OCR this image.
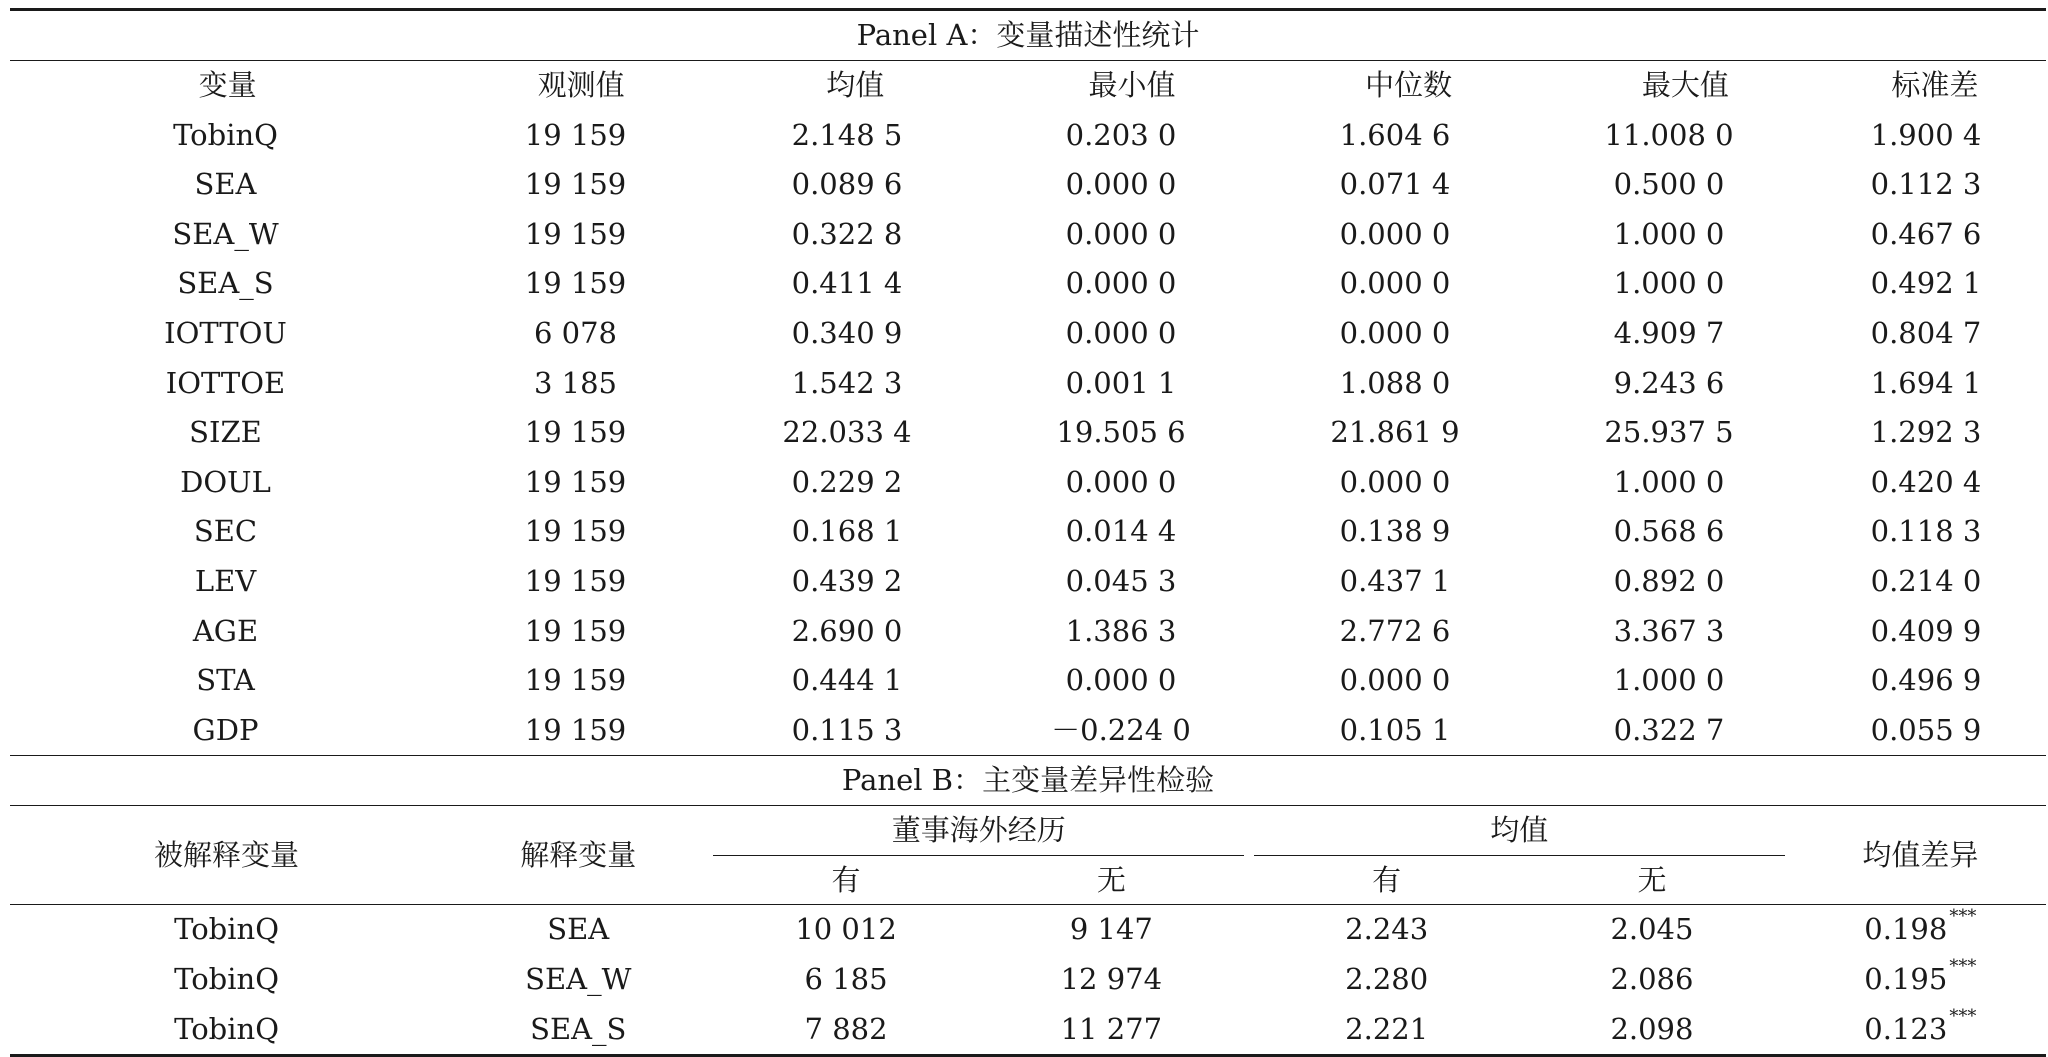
Panel A：变量描述性统计
变量	观测值	均值	最小值	中位数	最大值	标准差
TobinQ	19 159	2.148 5	0.203 0	1.604 6	11.008 0	1.900 4
SEA	19 159	0.089 6	0.000 0	0.071 4	0.500 0	0.112 3
SEA_W	19 159	0.322 8	0.000 0	0.000 0	1.000 0	0.467 6
SEA_S	19 159	0.411 4	0.000 0	0.000 0	1.000 0	0.492 1
IOTTOU	6 078	0.340 9	0.000 0	0.000 0	4.909 7	0.804 7
IOTTOE	3 185	1.542 3	0.001 1	1.088 0	9.243 6	1.694 1
SIZE	19 159	22.033 4	19.505 6	21.861 9	25.937 5	1.292 3
DOUL	19 159	0.229 2	0.000 0	0.000 0	1.000 0	0.420 4
SEC	19 159	0.168 1	0.014 4	0.138 9	0.568 6	0.118 3
LEV	19 159	0.439 2	0.045 3	0.437 1	0.892 0	0.214 0
AGE	19 159	2.690 0	1.386 3	2.772 6	3.367 3	0.409 9
STA	19 159	0.444 1	0.000 0	0.000 0	1.000 0	0.496 9
GDP	19 159	0.115 3	－0.224 0	0.105 1	0.322 7	0.055 9
Panel B：主变量差异性检验								
被解释变量	解释变量	董事海外经历			均值			均值差异
		有	无		有	无		
TobinQ	SEA	10 012	9 147		2.243	2.045		0.198 ***
TobinQ	SEA_W	6 185	12 974		2.280	2.086		0.195 ***
TobinQ	SEA_S	7 882	11 277		2.221	2.098		0.123 ***
